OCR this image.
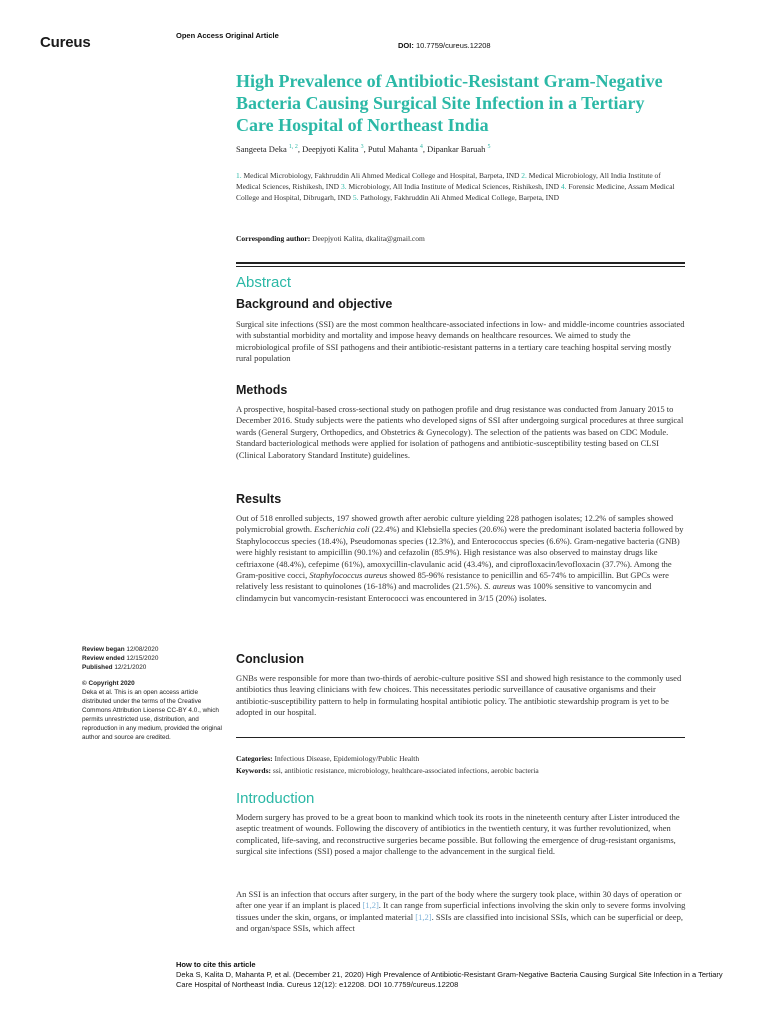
Cureus	Open Access Original Article
DOI: 10.7759/cureus.12208
High Prevalence of Antibiotic-Resistant Gram-Negative Bacteria Causing Surgical Site Infection in a Tertiary Care Hospital of Northeast India
Sangeeta Deka $^{1, 2}$, Deepjyoti Kalita $^3$, Putul Mahanta $^4$, Dipankar Baruah $^5$
1. Medical Microbiology, Fakhruddin Ali Ahmed Medical College and Hospital, Barpeta, IND 2. Medical Microbiology, All India Institute of Medical Sciences, Rishikesh, IND 3. Microbiology, All India Institute of Medical Sciences, Rishikesh, IND 4. Forensic Medicine, Assam Medical College and Hospital, Dibrugarh, IND 5. Pathology, Fakhruddin Ali Ahmed Medical College, Barpeta, IND
Corresponding author: Deepjyoti Kalita, dkalita@gmail.com
Abstract
Background and objective
Surgical site infections (SSI) are the most common healthcare-associated infections in low- and middle-income countries associated with substantial morbidity and mortality and impose heavy demands on healthcare resources. We aimed to study the microbiological profile of SSI pathogens and their antibiotic-resistant patterns in a tertiary care teaching hospital serving mostly rural population
Methods
A prospective, hospital-based cross-sectional study on pathogen profile and drug resistance was conducted from January 2015 to December 2016. Study subjects were the patients who developed signs of SSI after undergoing surgical procedures at three surgical wards (General Surgery, Orthopedics, and Obstetrics & Gynecology). The selection of the patients was based on CDC Module. Standard bacteriological methods were applied for isolation of pathogens and antibiotic-susceptibility testing based on CLSI (Clinical Laboratory Standard Institute) guidelines.
Results
Out of 518 enrolled subjects, 197 showed growth after aerobic culture yielding 228 pathogen isolates; 12.2% of samples showed polymicrobial growth. Escherichia coli (22.4%) and Klebsiella species (20.6%) were the predominant isolated bacteria followed by Staphylococcus species (18.4%), Pseudomonas species (12.3%), and Enterococcus species (6.6%). Gram-negative bacteria (GNB) were highly resistant to ampicillin (90.1%) and cefazolin (85.9%). High resistance was also observed to mainstay drugs like ceftriaxone (48.4%), cefepime (61%), amoxycillin-clavulanic acid (43.4%), and ciprofloxacin/levofloxacin (37.7%). Among the Gram-positive cocci, Staphylococcus aureus showed 85-96% resistance to penicillin and 65-74% to ampicillin. But GPCs were relatively less resistant to quinolones (16-18%) and macrolides (21.5%). S. aureus was 100% sensitive to vancomycin and clindamycin but vancomycin-resistant Enterococci was encountered in 3/15 (20%) isolates.
Conclusion
GNBs were responsible for more than two-thirds of aerobic-culture positive SSI and showed high resistance to the commonly used antibiotics thus leaving clinicians with few choices. This necessitates periodic surveillance of causative organisms and their antibiotic-susceptibility pattern to help in formulating hospital antibiotic policy. The antibiotic stewardship program is yet to be adopted in our hospital.
Categories: Infectious Disease, Epidemiology/Public Health
Keywords: ssi, antibiotic resistance, microbiology, healthcare-associated infections, aerobic bacteria
Introduction
Modern surgery has proved to be a great boon to mankind which took its roots in the nineteenth century after Lister introduced the aseptic treatment of wounds. Following the discovery of antibiotics in the twentieth century, it was further revolutionized, when complicated, life-saving, and reconstructive surgeries became possible. But following the emergence of drug-resistant organisms, surgical site infections (SSI) posed a major challenge to the advancement in the surgical field.
An SSI is an infection that occurs after surgery, in the part of the body where the surgery took place, within 30 days of operation or after one year if an implant is placed [1,2]. It can range from superficial infections involving the skin only to severe forms involving tissues under the skin, organs, or implanted material [1,2]. SSIs are classified into incisional SSIs, which can be superficial or deep, and organ/space SSIs, which affect
Review began 12/08/2020
Review ended 12/15/2020
Published 12/21/2020
© Copyright 2020
Deka et al. This is an open access article distributed under the terms of the Creative Commons Attribution License CC-BY 4.0., which permits unrestricted use, distribution, and reproduction in any medium, provided the original author and source are credited.
How to cite this article
Deka S, Kalita D, Mahanta P, et al. (December 21, 2020) High Prevalence of Antibiotic-Resistant Gram-Negative Bacteria Causing Surgical Site Infection in a Tertiary Care Hospital of Northeast India. Cureus 12(12): e12208. DOI 10.7759/cureus.12208
